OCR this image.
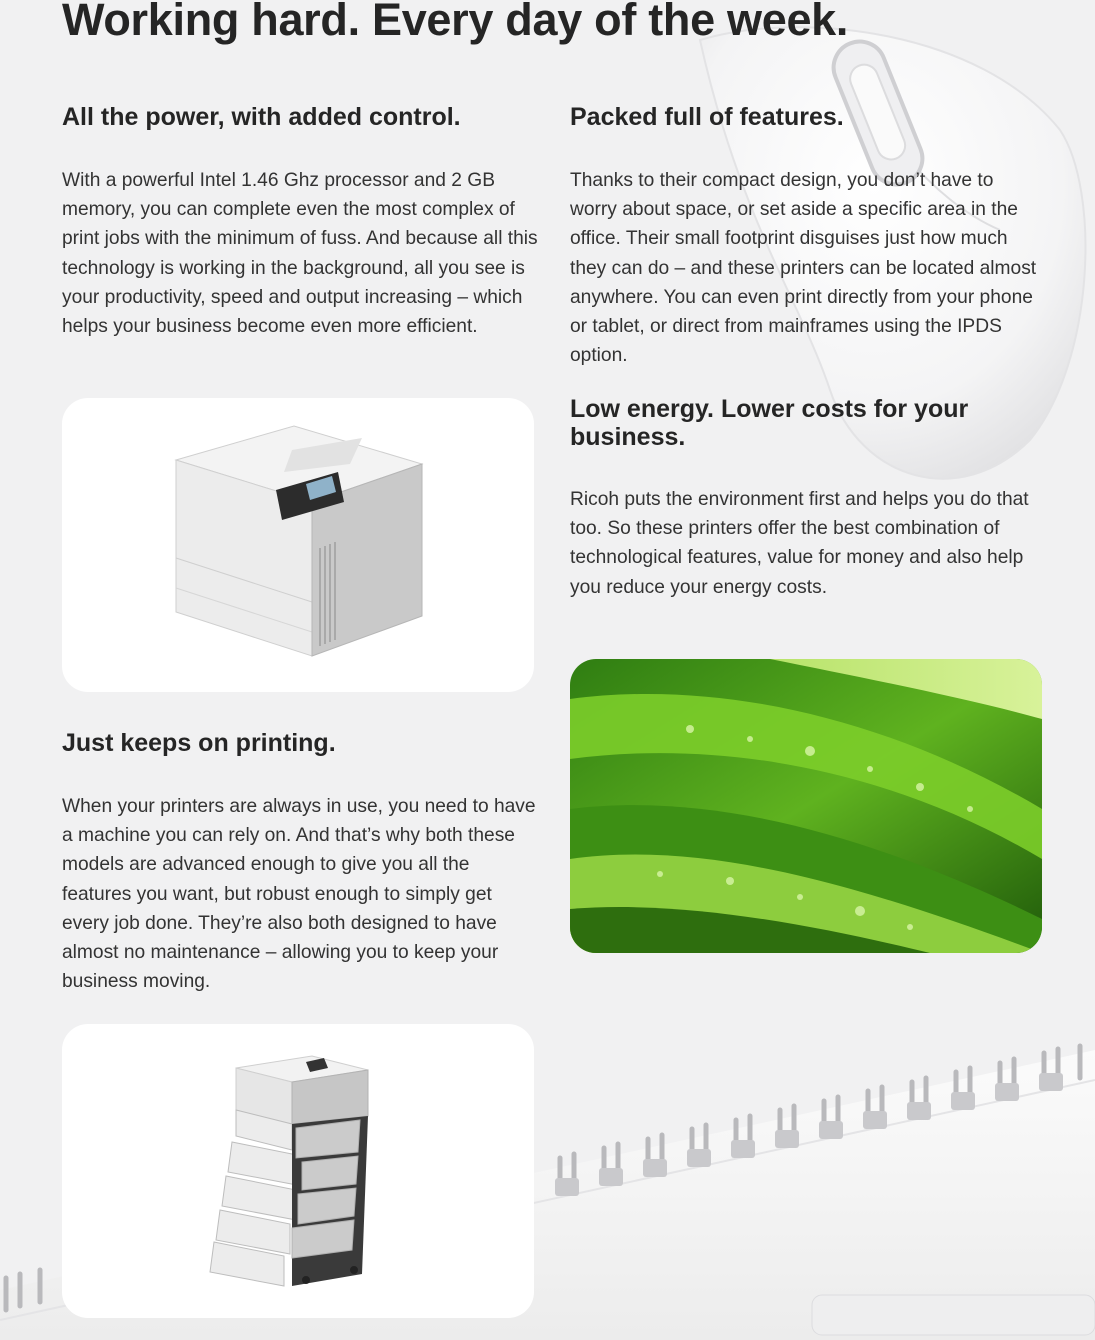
Working hard. Every day of the week.
All the power, with added control.

With a powerful Intel 1.46 Ghz processor and 2 GB memory, you can complete even the most complex of print jobs with the minimum of fuss. And because all this technology is working in the background, all you see is your productivity, speed and output increasing – which helps your business become even more efficient.

Just keeps on printing.

When your printers are always in use, you need to have a machine you can rely on. And that’s why both these models are advanced enough to give you all the features you want, but robust enough to simply get every job done. They’re also both designed to have almost no maintenance – allowing you to keep your business moving.

Packed full of features.

Thanks to their compact design, you don’t have to worry about space, or set aside a specific area in the office. Their small footprint disguises just how much they can do – and these printers can be located almost anywhere. You can even print directly from your phone or tablet, or direct from mainframes using the IPDS option.

Low energy. Lower costs for your business.

Ricoh puts the environment first and helps you do that too. So these printers offer the best combination of technological features, value for money and also help you reduce your energy costs.
